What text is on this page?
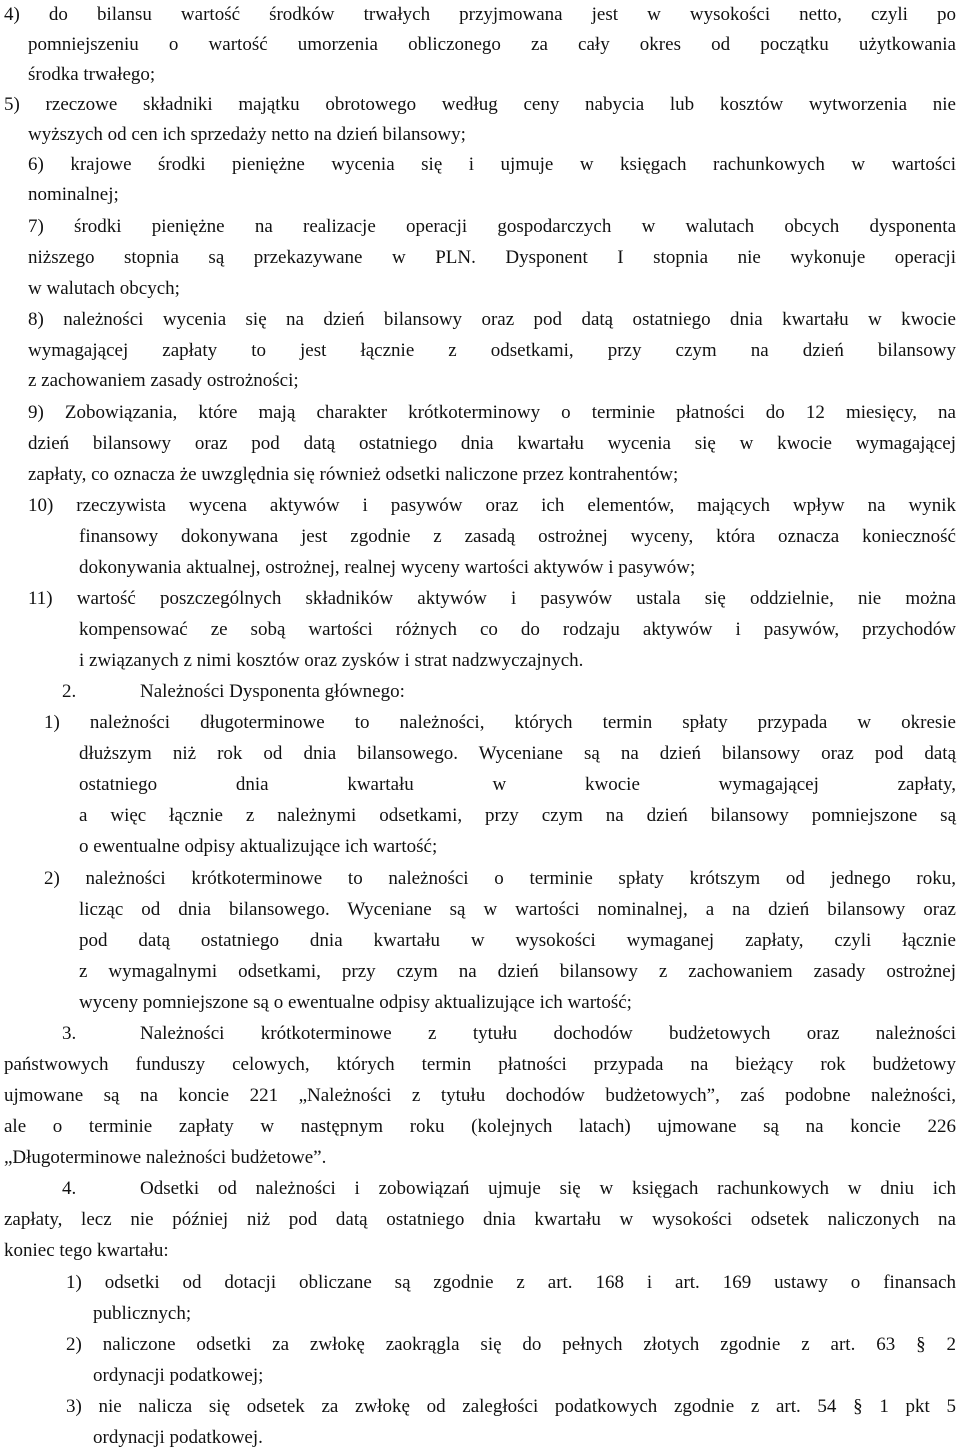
4) do bilansu wartość środków trwałych przyjmowana jest w wysokości netto, czyli po
pomniejszeniu o wartość umorzenia obliczonego za cały okres od początku użytkowania
środka trwałego;
5) rzeczowe składniki majątku obrotowego według ceny nabycia lub kosztów wytworzenia nie
wyższych od cen ich sprzedaży netto na dzień bilansowy;
6) krajowe środki pieniężne wycenia się i ujmuje w księgach rachunkowych w wartości
nominalnej;
7) środki pieniężne na realizacje operacji gospodarczych w walutach obcych dysponenta
niższego stopnia są przekazywane w PLN. Dysponent I stopnia nie wykonuje operacji
w walutach obcych;
8) należności wycenia się na dzień bilansowy oraz pod datą ostatniego dnia kwartału w kwocie
wymagającej zapłaty to jest łącznie z odsetkami, przy czym na dzień bilansowy
z zachowaniem zasady ostrożności;
9) Zobowiązania, które mają charakter krótkoterminowy o terminie płatności do 12 miesięcy, na
dzień bilansowy oraz pod datą ostatniego dnia kwartału wycenia się w kwocie wymagającej
zapłaty, co oznacza że uwzględnia się również odsetki naliczone przez kontrahentów;
10) rzeczywista wycena aktywów i pasywów oraz ich elementów, mających wpływ na wynik
finansowy dokonywana jest zgodnie z zasadą ostrożnej wyceny, która oznacza konieczność
dokonywania aktualnej, ostrożnej, realnej wyceny wartości aktywów i pasywów;
11) wartość poszczególnych składników aktywów i pasywów ustala się oddzielnie, nie można
kompensować ze sobą wartości różnych co do rodzaju aktywów i pasywów, przychodów
i związanych z nimi kosztów oraz zysków i strat nadzwyczajnych.
2.	Należności Dysponenta głównego:
1) należności długoterminowe to należności, których termin spłaty przypada w okresie
dłuższym niż rok od dnia bilansowego. Wyceniane są na dzień bilansowy oraz pod datą
ostatniego dnia kwartału w kwocie wymagającej zapłaty,
a więc łącznie z należnymi odsetkami, przy czym na dzień bilansowy pomniejszone są
o ewentualne odpisy aktualizujące ich wartość;
2) należności krótkoterminowe to należności o terminie spłaty krótszym od jednego roku,
licząc od dnia bilansowego. Wyceniane są w wartości nominalnej, a na dzień bilansowy oraz
pod datą ostatniego dnia kwartału w wysokości wymaganej zapłaty, czyli łącznie
z wymagalnymi odsetkami, przy czym na dzień bilansowy z zachowaniem zasady ostrożnej
wyceny pomniejszone są o ewentualne odpisy aktualizujące ich wartość;
3.	Należności krótkoterminowe z tytułu dochodów budżetowych oraz należności
państwowych funduszy celowych, których termin płatności przypada na bieżący rok budżetowy
ujmowane są na koncie 221 „Należności z tytułu dochodów budżetowych”, zaś podobne należności,
ale o terminie zapłaty w następnym roku (kolejnych latach) ujmowane są na koncie 226
„Długoterminowe należności budżetowe”.
4.	Odsetki od należności i zobowiązań ujmuje się w księgach rachunkowych w dniu ich
zapłaty, lecz nie później niż pod datą ostatniego dnia kwartału w wysokości odsetek naliczonych na
koniec tego kwartału:
1) odsetki od dotacji obliczane są zgodnie z art. 168 i art. 169 ustawy o finansach
publicznych;
2) naliczone odsetki za zwłokę zaokrągla się do pełnych złotych zgodnie z art. 63 § 2
ordynacji podatkowej;
3) nie nalicza się odsetek za zwłokę od zaległości podatkowych zgodnie z art. 54 § 1 pkt 5
ordynacji podatkowej.
